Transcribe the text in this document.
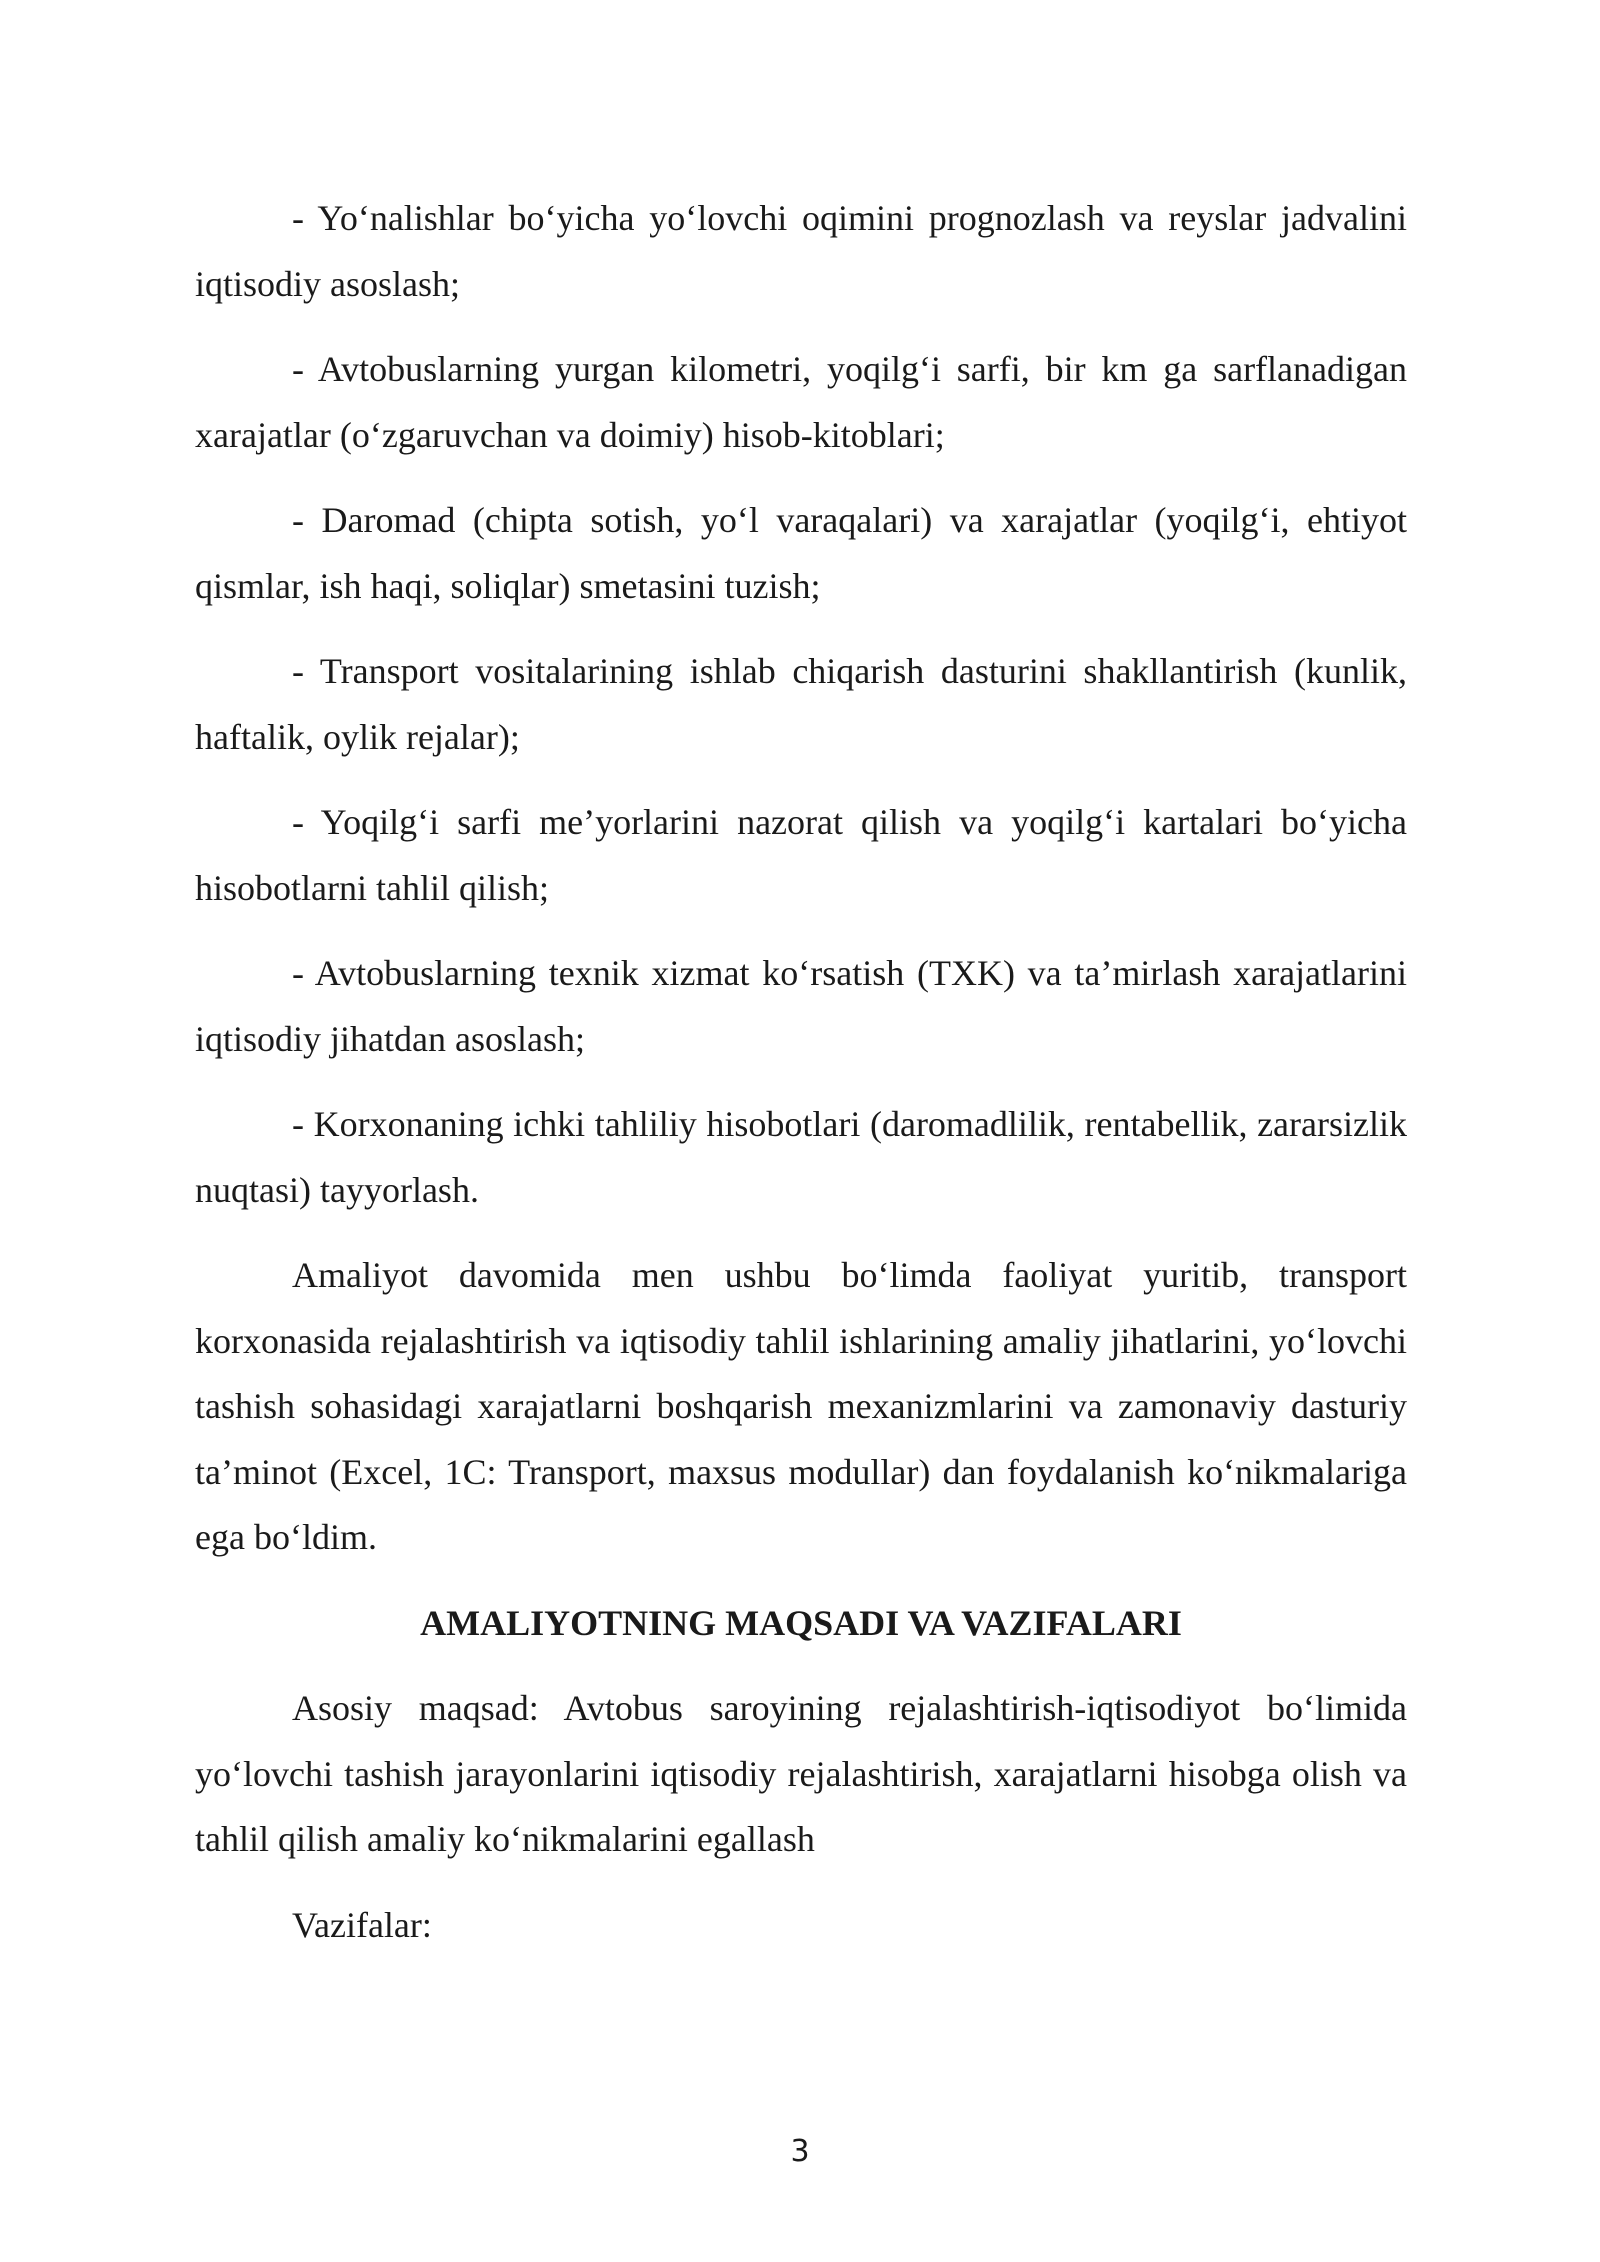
- Yo‘nalishlar bo‘yicha yo‘lovchi oqimini prognozlash va reyslar jadvalini iqtisodiy asoslash;

- Avtobuslarning yurgan kilometri, yoqilg‘i sarfi, bir km ga sarflanadigan xarajatlar (o‘zgaruvchan va doimiy) hisob-kitoblari;

- Daromad (chipta sotish, yo‘l varaqalari) va xarajatlar (yoqilg‘i, ehtiyot qismlar, ish haqi, soliqlar) smetasini tuzish;

- Transport vositalarining ishlab chiqarish dasturini shakllantirish (kunlik, haftalik, oylik rejalar);

- Yoqilg‘i sarfi me’yorlarini nazorat qilish va yoqilg‘i kartalari bo‘yicha hisobotlarni tahlil qilish;

- Avtobuslarning texnik xizmat ko‘rsatish (TXK) va ta’mirlash xarajatlarini iqtisodiy jihatdan asoslash;

- Korxonaning ichki tahliliy hisobotlari (daromadlilik, rentabellik, zararsizlik nuqtasi) tayyorlash.

Amaliyot davomida men ushbu bo‘limda faoliyat yuritib, transport korxonasida rejalashtirish va iqtisodiy tahlil ishlarining amaliy jihatlarini, yo‘lovchi tashish sohasidagi xarajatlarni boshqarish mexanizmlarini va zamonaviy dasturiy ta’minot (Excel, 1C: Transport, maxsus modullar) dan foydalanish ko‘nikmalariga ega bo‘ldim.

AMALIYOTNING MAQSADI VA VAZIFALARI

Asosiy maqsad: Avtobus saroyining rejalashtirish-iqtisodiyot bo‘limida yo‘lovchi tashish jarayonlarini iqtisodiy rejalashtirish, xarajatlarni hisobga olish va tahlil qilish amaliy ko‘nikmalarini egallash

Vazifalar:

3
